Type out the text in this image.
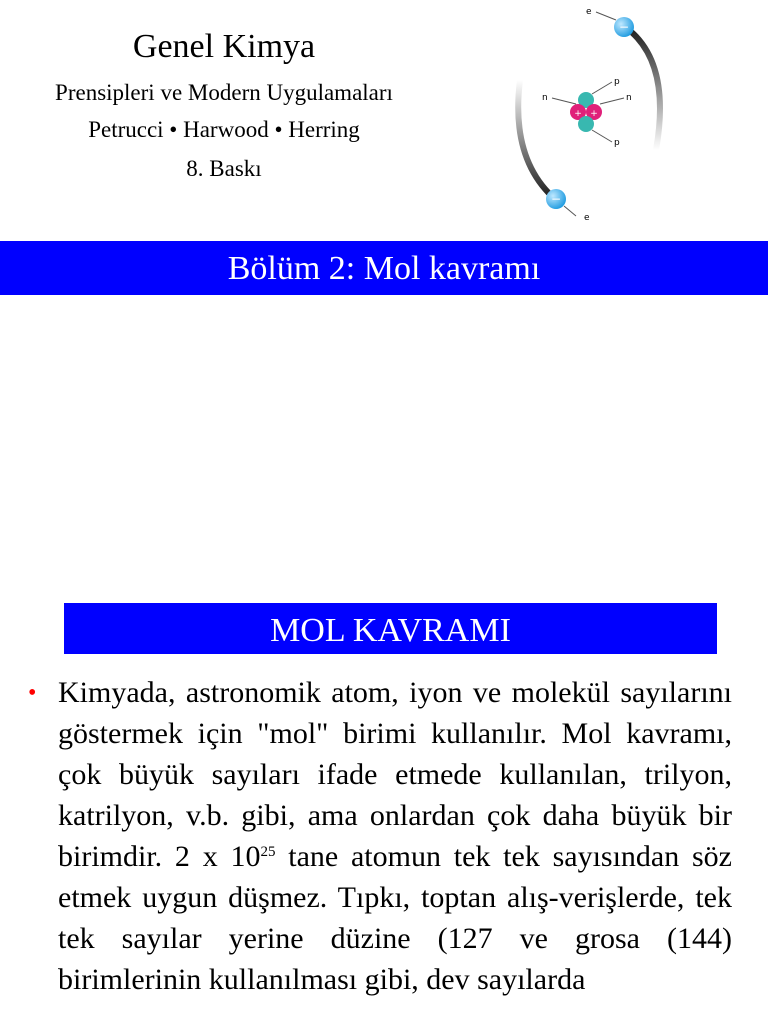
Genel Kimya
Prensipleri ve Modern Uygulamaları
Petrucci • Harwood • Herring
8. Baskı
e
−
e
−
+ +
p
n	n
p
Bölüm 2: Mol kavramı
MOL KAVRAMI
• Kimyada, astronomik atom, iyon ve molekül sayılarını göstermek için "mol" birimi kullanılır. Mol kavramı, çok büyük sayıları ifade etmede kullanılan, trilyon, katrilyon, v.b. gibi, ama onlardan çok daha büyük bir birimdir. 2 x $10^{25}$ tane atomun tek tek sayısından söz etmek uygun düşmez. Tıpkı, toptan alış-verişlerde, tek tek sayılar yerine düzine (127 ve grosa (144) birimlerinin kullanılması gibi, dev sayılarda
